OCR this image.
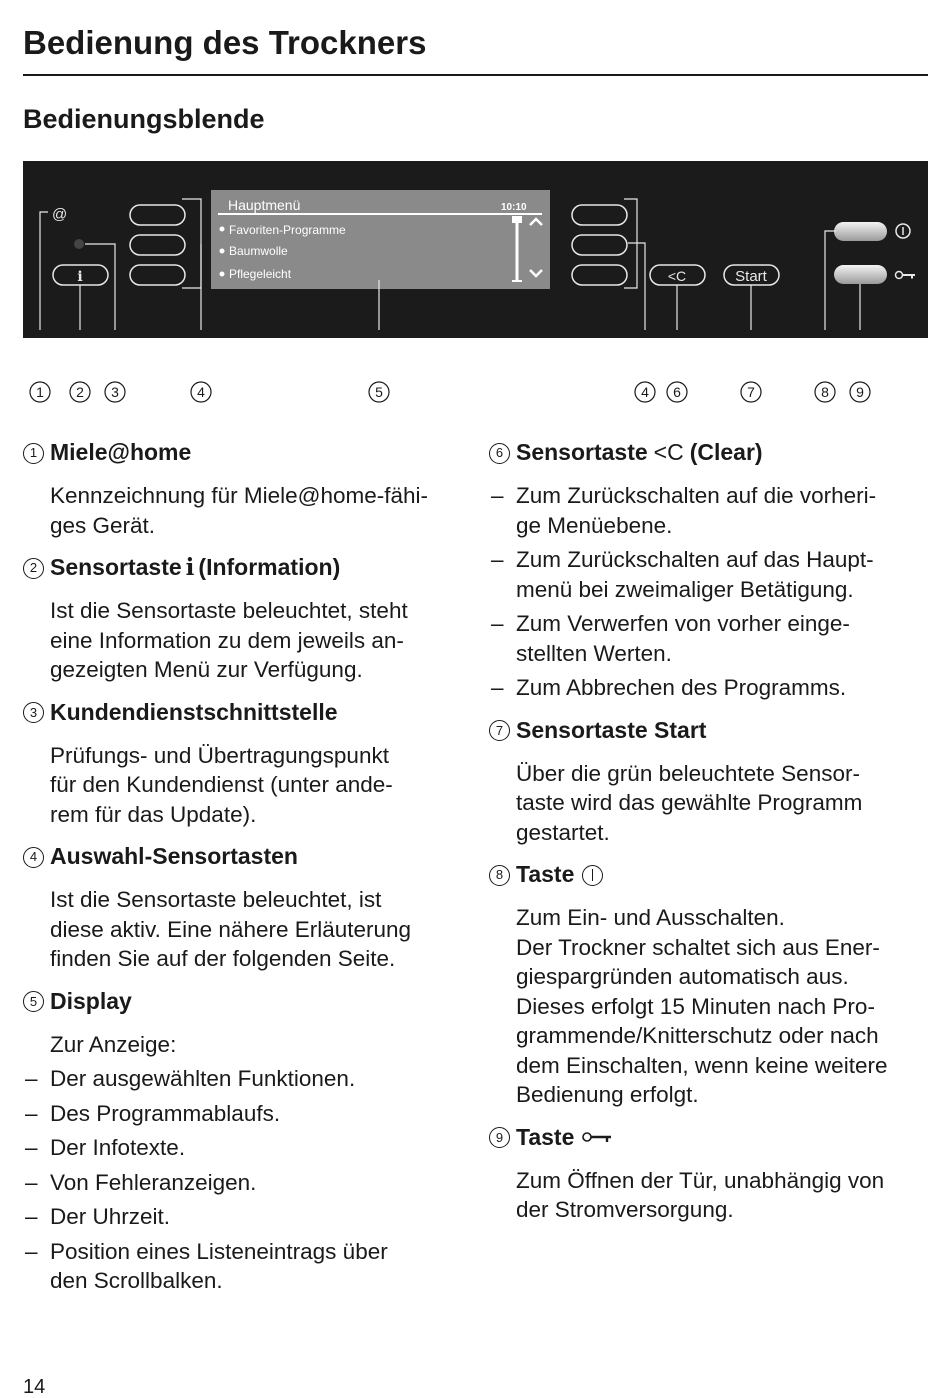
Bedienung des Trockners
Bedienungsblende
@
i
Hauptmenü	10:10
Favoriten-Programme
Baumwolle
Pflegeleicht	<C	Start
1 2 3	4	5	4 6	7	8 9
1 Miele@home

Kennzeichnung für Miele@home-fähi-

ges Gerät.

2 Sensortaste i (Information)

Ist die Sensortaste beleuchtet, steht

eine Information zu dem jeweils an-

gezeigten Menü zur Verfügung.

3 Kundendienstschnittstelle

Prüfungs- und Übertragungspunkt

für den Kundendienst (unter ande-

rem für das Update).

4 Auswahl-Sensortasten

Ist die Sensortaste beleuchtet, ist

diese aktiv. Eine nähere Erläuterung

finden Sie auf der folgenden Seite.

5 Display

Zur Anzeige:

– Der ausgewählten Funktionen.
– Des Programmablaufs.
– Der Infotexte.
– Von Fehleranzeigen.
– Der Uhrzeit.
– Position eines Listeneintrags über
den Scrollbalken.
6 Sensortaste <C (Clear)
– Zum Zurückschalten auf die vorheri-
ge Menüebene.
– Zum Zurückschalten auf das Haupt-
menü bei zweimaliger Betätigung.
– Zum Verwerfen von vorher einge-
stellten Werten.
– Zum Abbrechen des Programms.
7 Sensortaste Start

Über die grün beleuchtete Sensor-

taste wird das gewählte Programm

gestartet.

8 Taste

Zum Ein- und Ausschalten.

Der Trockner schaltet sich aus Ener-

giespargründen automatisch aus.

Dieses erfolgt 15 Minuten nach Pro-

grammende/Knitterschutz oder nach

dem Einschalten, wenn keine weitere

Bedienung erfolgt.

9 Taste

Zum Öffnen der Tür, unabhängig von

der Stromversorgung.

14
